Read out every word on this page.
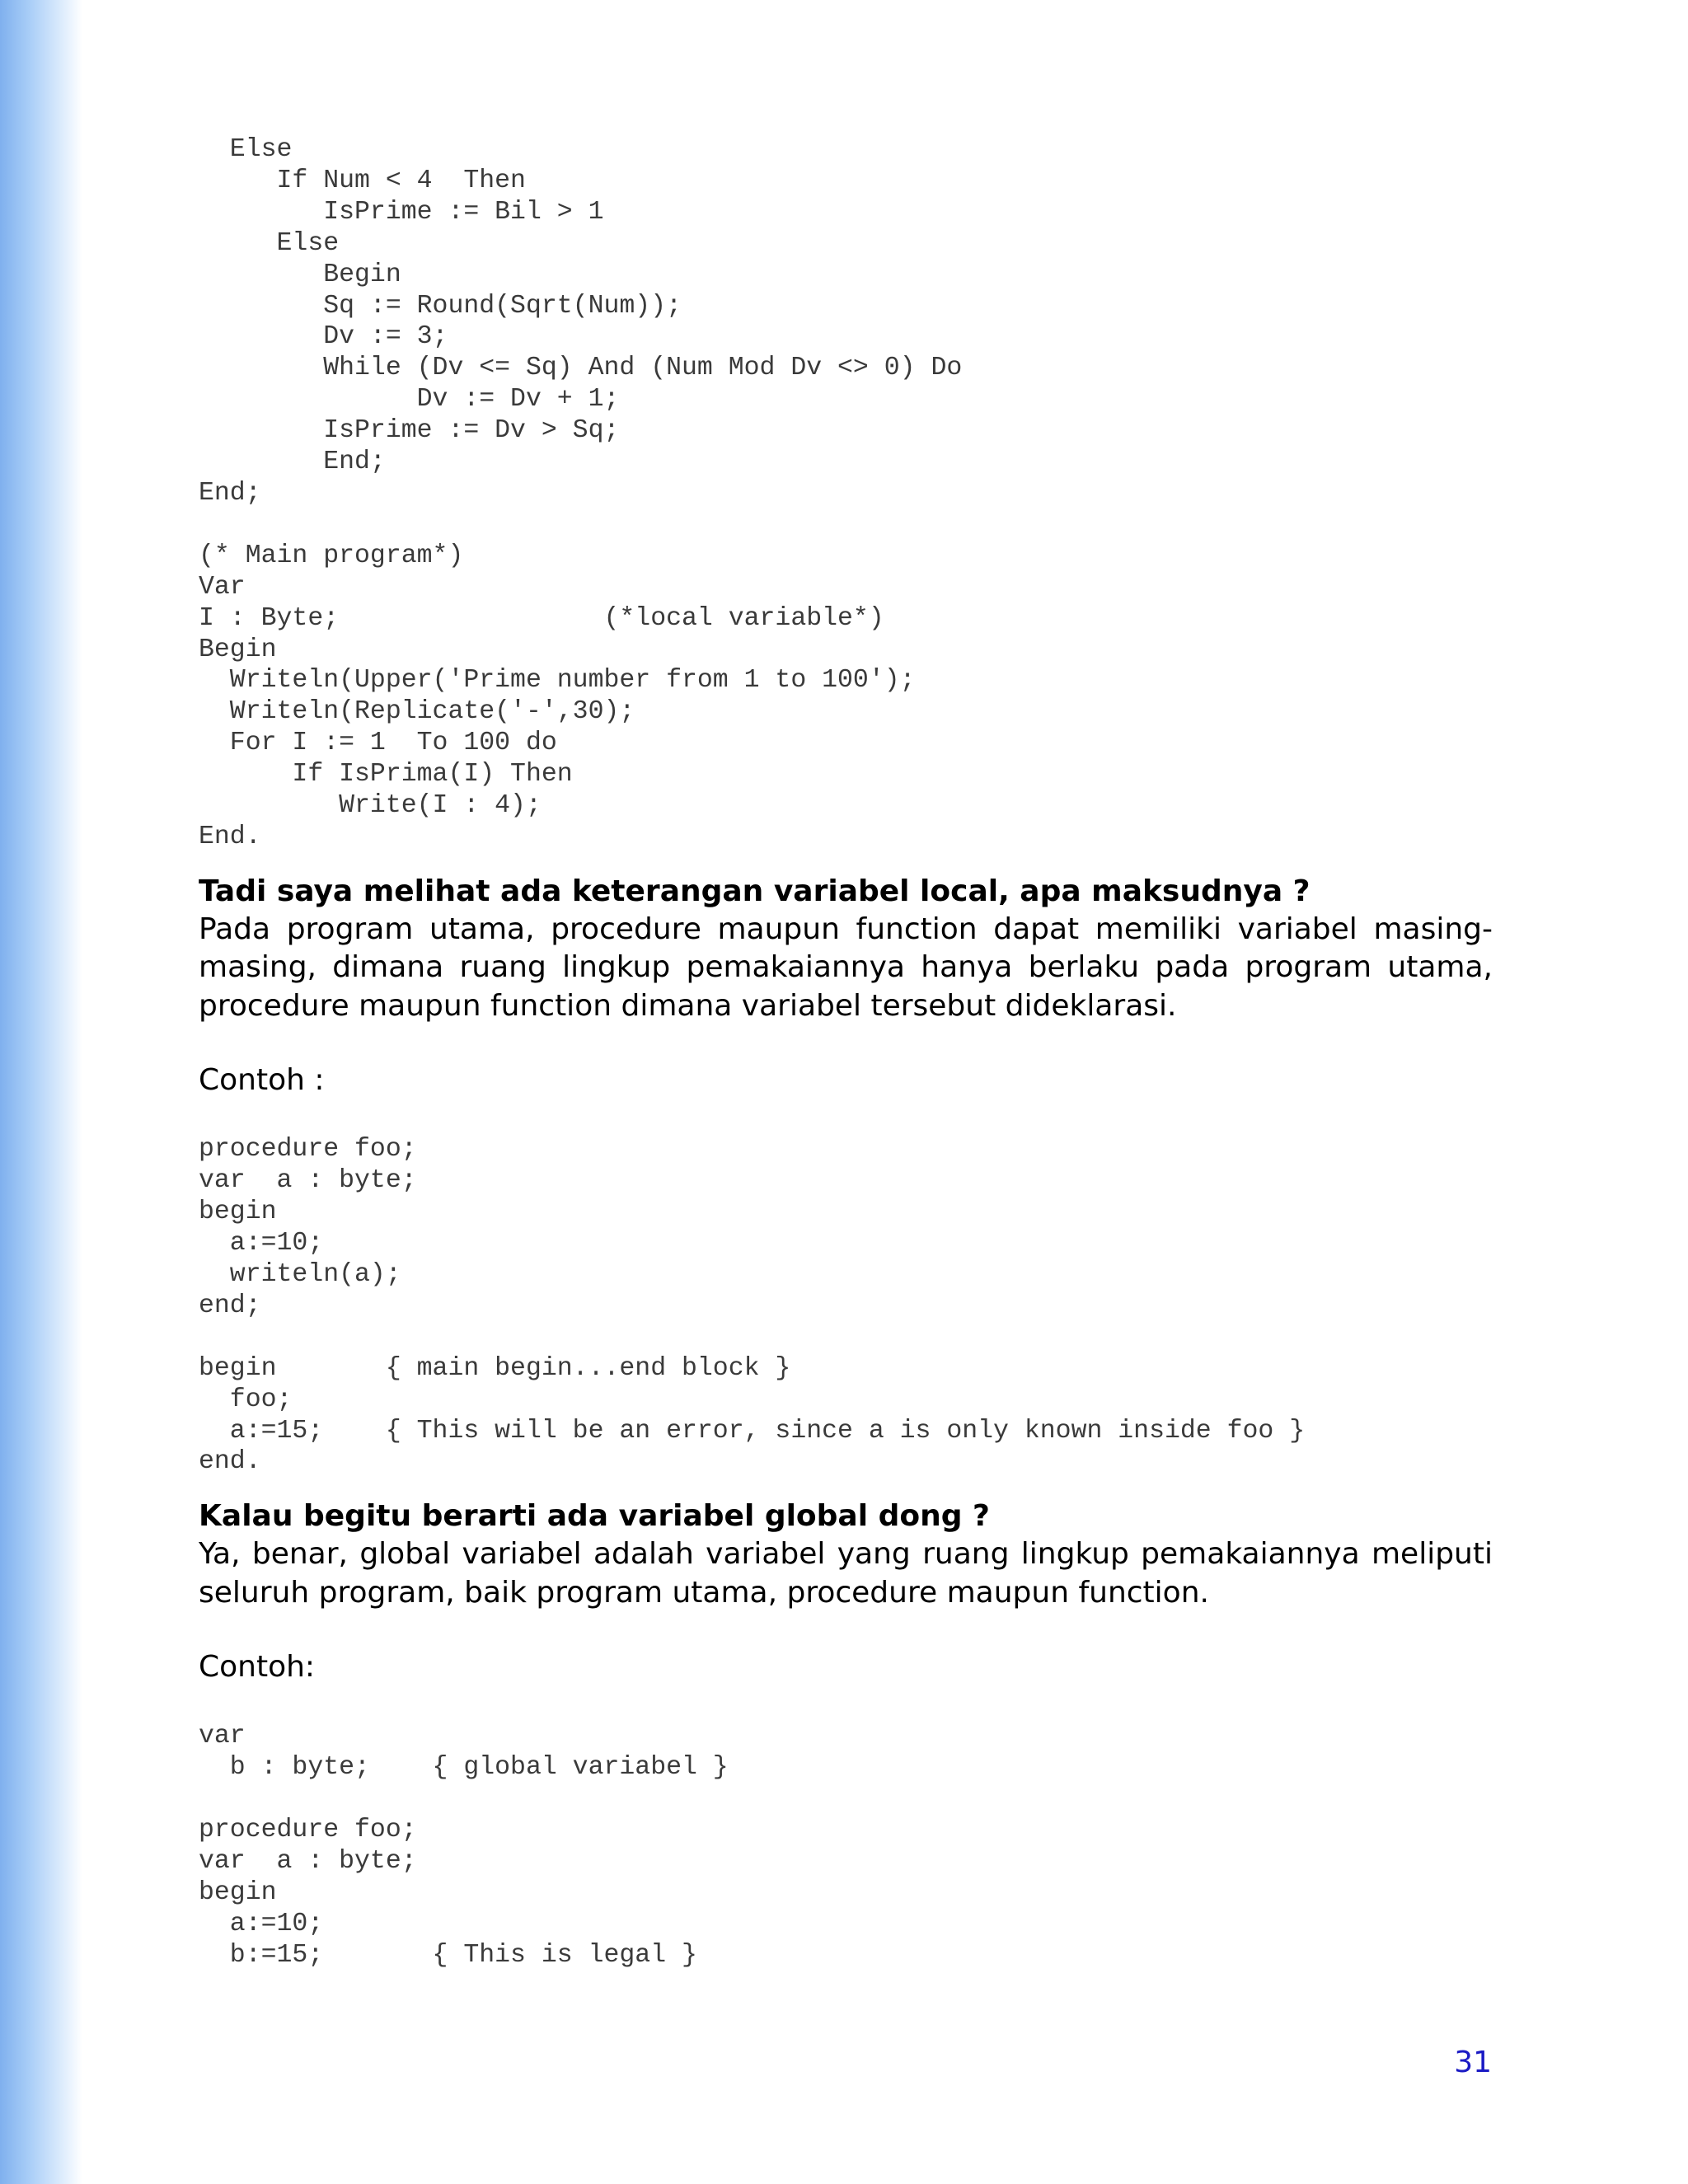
Else
If Num < 4  Then
IsPrime := Bil > 1
Else
Begin
Sq := Round(Sqrt(Num));
Dv := 3;
While (Dv <= Sq) And (Num Mod Dv <> 0) Do
Dv := Dv + 1;
IsPrime := Dv > Sq;
End;
End;

(* Main program*)
Var
I : Byte;                 (*local variable*)
Begin
Writeln(Upper('Prime number from 1 to 100');
Writeln(Replicate('-',30);
For I := 1  To 100 do
If IsPrima(I) Then
Write(I : 4);
End.

Tadi saya melihat ada keterangan variabel local, apa maksudnya ?

Pada program utama, procedure maupun function dapat memiliki variabel masing-masing, dimana ruang lingkup pemakaiannya hanya berlaku pada program utama, procedure maupun function dimana variabel tersebut dideklarasi.

Contoh :

procedure foo;
var  a : byte;
begin
a:=10;
writeln(a);
end;

begin       { main begin...end block }
foo;
a:=15;    { This will be an error, since a is only known inside foo }
end.

Kalau begitu berarti ada variabel global dong ?

Ya, benar, global variabel adalah variabel yang ruang lingkup pemakaiannya meliputi seluruh program, baik program utama, procedure maupun function.

Contoh:

var
b : byte;    { global variabel }

procedure foo;
var  a : byte;
begin
a:=10;
b:=15;       { This is legal }
31
